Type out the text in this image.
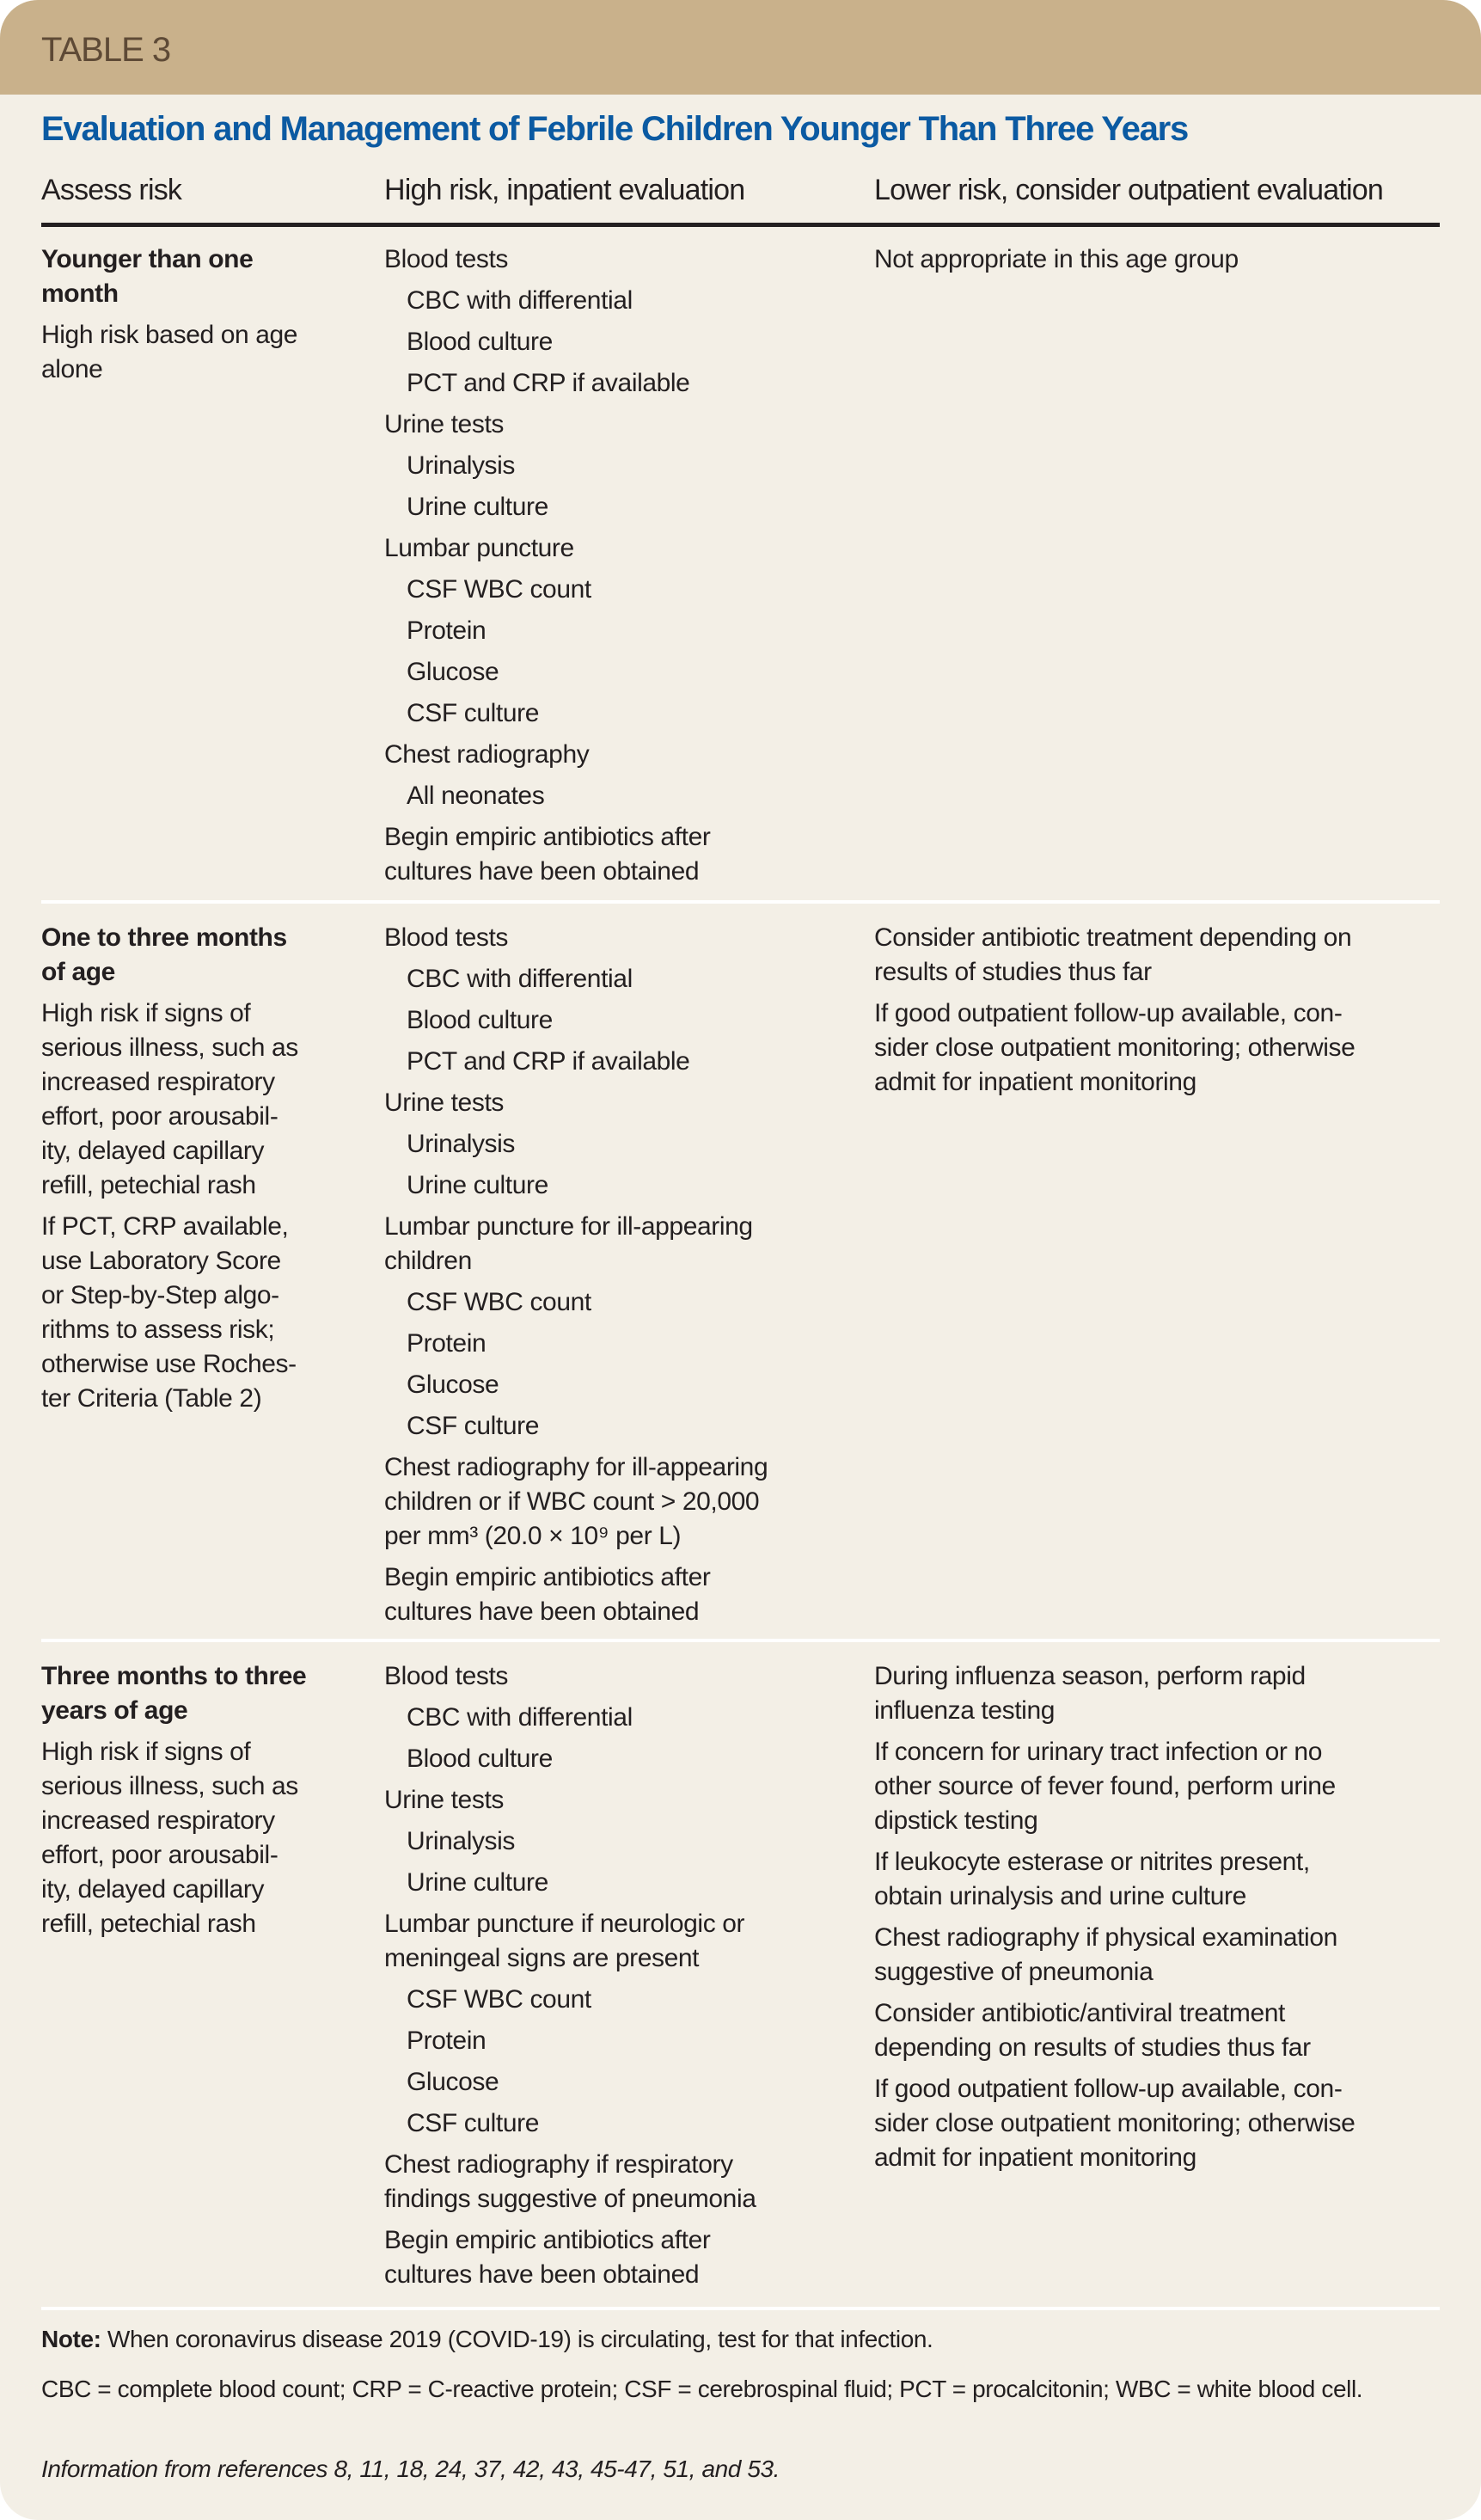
TABLE 3
Evaluation and Management of Febrile Children Younger Than Three Years
Assess risk	High risk, inpatient evaluation	Lower risk, consider outpatient evaluation
Younger than one
month
High risk based on age
alone
Blood tests
CBC with differential
Blood culture
PCT and CRP if available
Urine tests
Urinalysis
Urine culture
Lumbar puncture
CSF WBC count
Protein
Glucose
CSF culture
Chest radiography
All neonates
Begin empiric antibiotics after
cultures have been obtained
Not appropriate in this age group
One to three months
of age
High risk if signs of
serious illness, such as
increased respiratory
effort, poor arousabil-
ity, delayed capillary
refill, petechial rash
If PCT, CRP available,
use Laboratory Score
or Step-by-Step algo-
rithms to assess risk;
otherwise use Roches-
ter Criteria (Table 2)
Blood tests
CBC with differential
Blood culture
PCT and CRP if available
Urine tests
Urinalysis
Urine culture
Lumbar puncture for ill-appearing
children
CSF WBC count
Protein
Glucose
CSF culture
Chest radiography for ill-appearing
children or if WBC count > 20,000
per mm³ (20.0 × 10⁹ per L)
Begin empiric antibiotics after
cultures have been obtained
Consider antibiotic treatment depending on
results of studies thus far
If good outpatient follow-up available, con-
sider close outpatient monitoring; otherwise
admit for inpatient monitoring
Three months to three
years of age
High risk if signs of
serious illness, such as
increased respiratory
effort, poor arousabil-
ity, delayed capillary
refill, petechial rash
Blood tests
CBC with differential
Blood culture
Urine tests
Urinalysis
Urine culture
Lumbar puncture if neurologic or
meningeal signs are present
CSF WBC count
Protein
Glucose
CSF culture
Chest radiography if respiratory
findings suggestive of pneumonia
Begin empiric antibiotics after
cultures have been obtained
During influenza season, perform rapid
influenza testing
If concern for urinary tract infection or no
other source of fever found, perform urine
dipstick testing
If leukocyte esterase or nitrites present,
obtain urinalysis and urine culture
Chest radiography if physical examination
suggestive of pneumonia
Consider antibiotic/antiviral treatment
depending on results of studies thus far
If good outpatient follow-up available, con-
sider close outpatient monitoring; otherwise
admit for inpatient monitoring
Note: When coronavirus disease 2019 (COVID-19) is circulating, test for that infection.
CBC = complete blood count; CRP = C-reactive protein; CSF = cerebrospinal fluid; PCT = procalcitonin; WBC = white blood cell.
Information from references 8, 11, 18, 24, 37, 42, 43, 45-47, 51, and 53.
